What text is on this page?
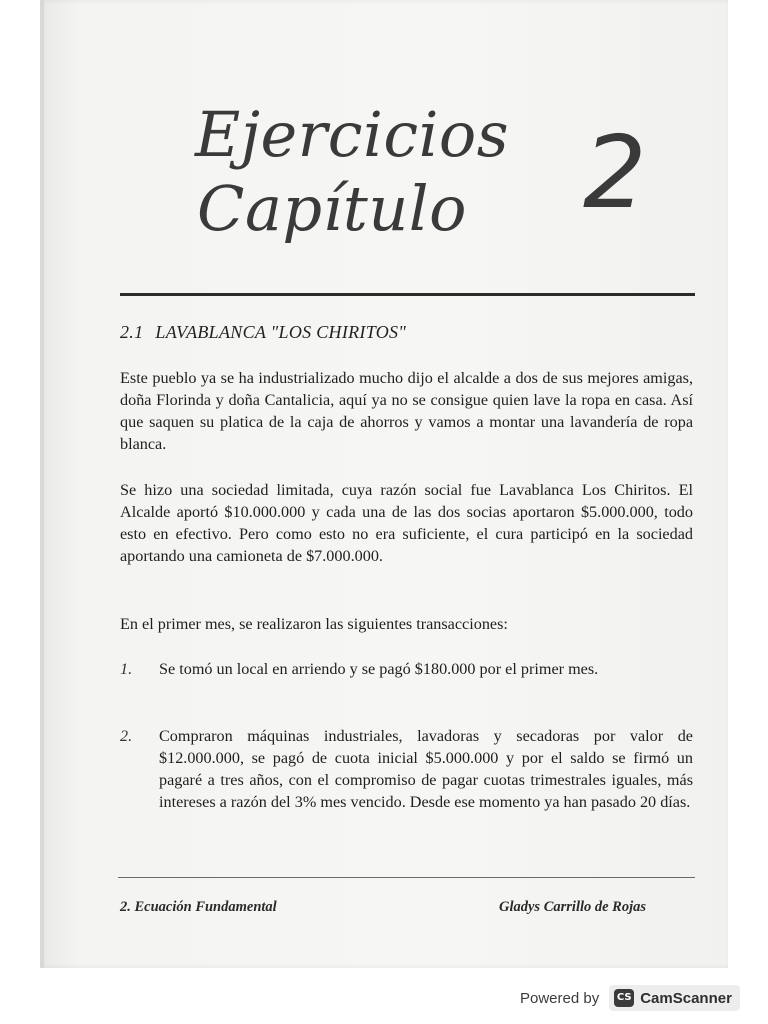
Ejercicios
Capítulo	2
2.1 LAVABLANCA "LOS CHIRITOS"
Este pueblo ya se ha industrializado mucho dijo el alcalde a dos de sus mejores amigas, doña Florinda y doña Cantalicia, aquí ya no se consigue quien lave la ropa en casa. Así que saquen su platica de la caja de ahorros y vamos a montar una lavandería de ropa blanca.
Se hizo una sociedad limitada, cuya razón social fue Lavablanca Los Chiritos. El Alcalde aportó $10.000.000 y cada una de las dos socias aportaron $5.000.000, todo esto en efectivo. Pero como esto no era suficiente, el cura participó en la sociedad aportando una camioneta de $7.000.000.
En el primer mes, se realizaron las siguientes transacciones:
1. Se tomó un local en arriendo y se pagó $180.000 por el primer mes.
2. Compraron máquinas industriales, lavadoras y secadoras por valor de $12.000.000, se pagó de cuota inicial $5.000.000 y por el saldo se firmó un pagaré a tres años, con el compromiso de pagar cuotas trimestrales iguales, más intereses a razón del 3% mes vencido. Desde ese momento ya han pasado 20 días.
2. Ecuación Fundamental	Gladys Carrillo de Rojas
Powered by CS CamScanner
